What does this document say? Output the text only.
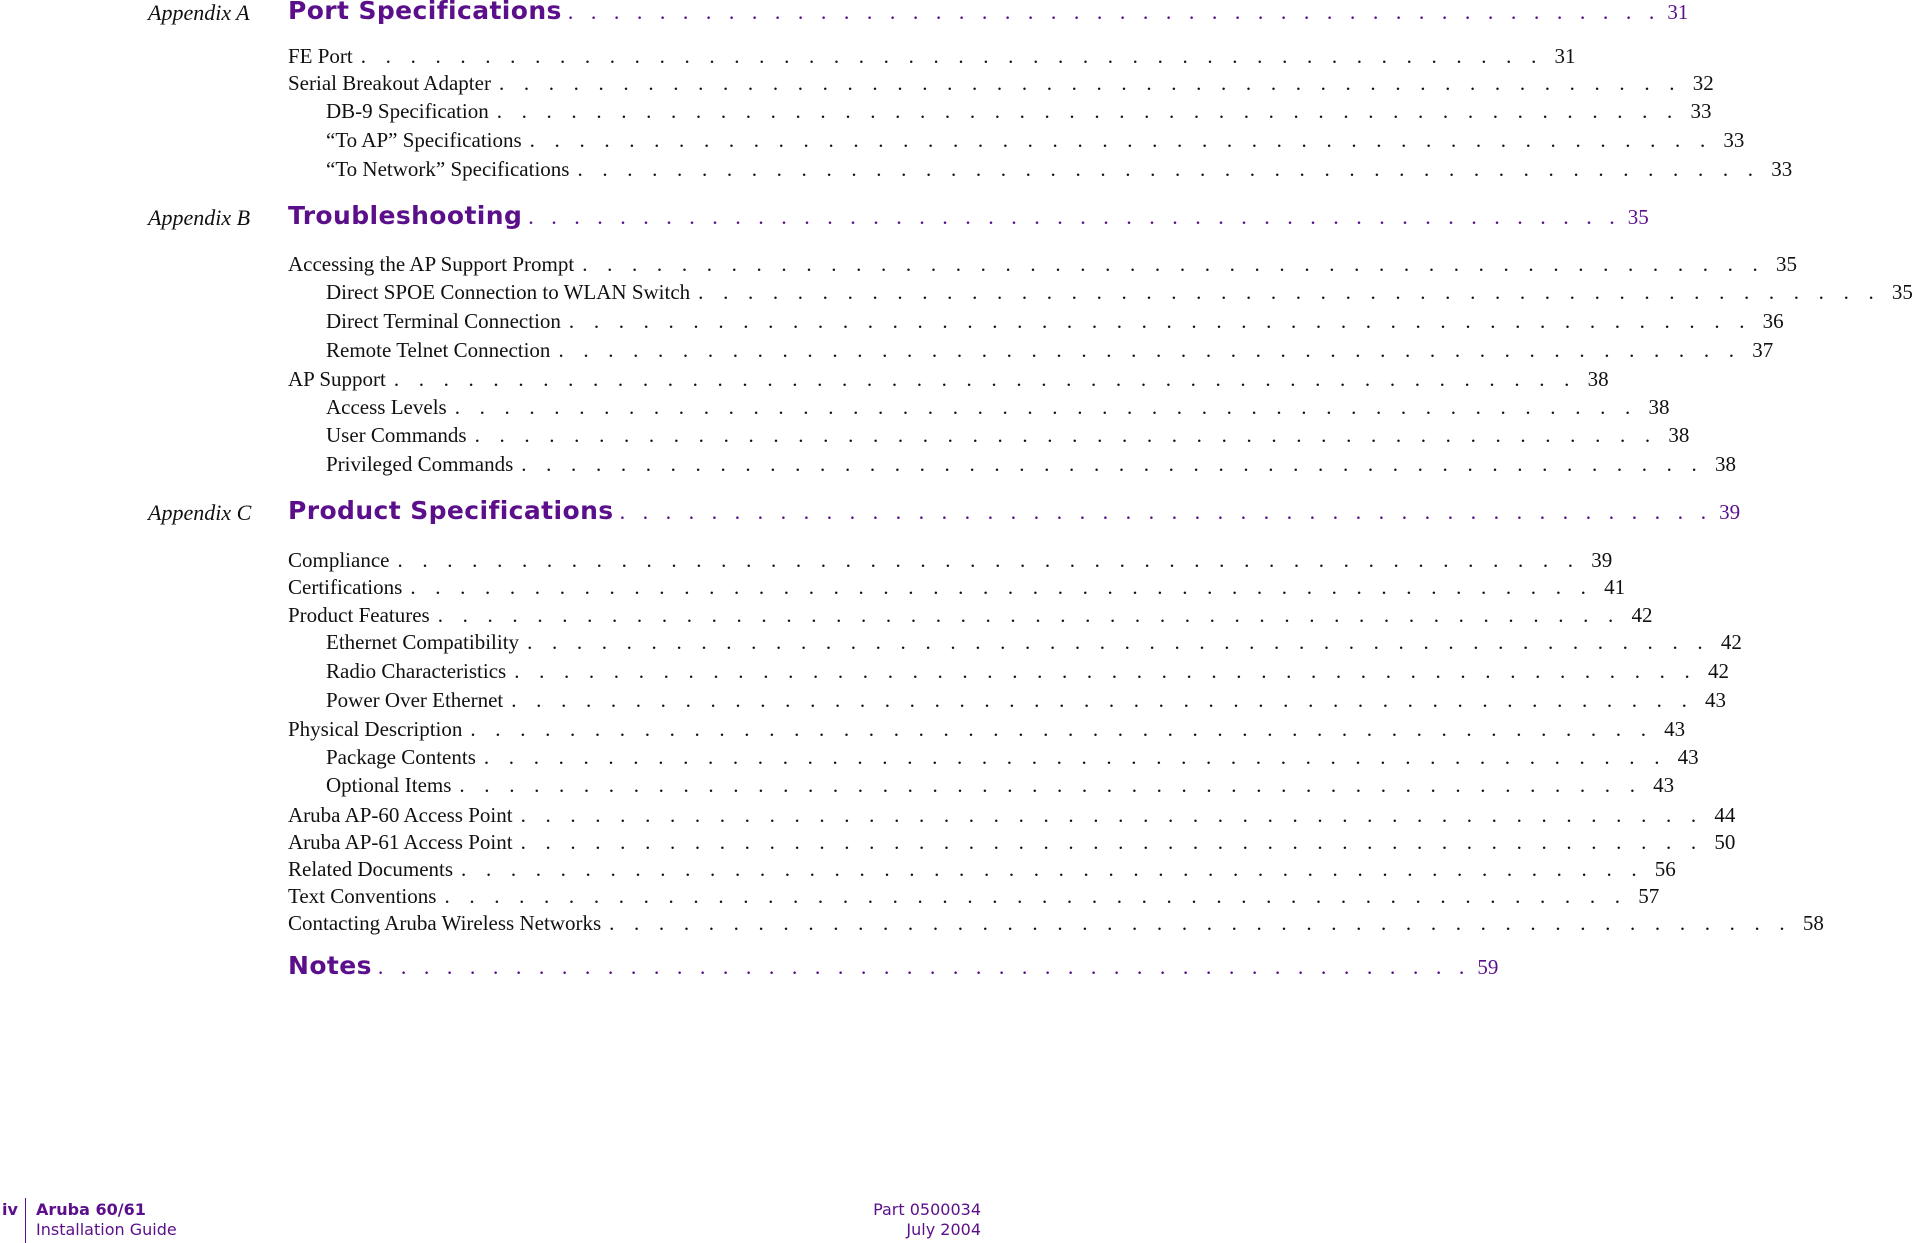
Appendix A Port Specifications . . . . . . . . . . . . . . . . . . . . . . . . . . . . . . . . . . . . . . . . . . . . . . . . 31
FE Port . . . . . . . . . . . . . . . . . . . . . . . . . . . . . . . . . . . . . . . . . . . . . . . . 31
Serial Breakout Adapter . . . . . . . . . . . . . . . . . . . . . . . . . . . . . . . . . . . . . . . . . . . . . . . . 32
DB-9 Specification . . . . . . . . . . . . . . . . . . . . . . . . . . . . . . . . . . . . . . . . . . . . . . . . 33
“To AP” Specifications . . . . . . . . . . . . . . . . . . . . . . . . . . . . . . . . . . . . . . . . . . . . . . . . 33
“To Network” Specifications . . . . . . . . . . . . . . . . . . . . . . . . . . . . . . . . . . . . . . . . . . . . . . . . 33
Appendix B Troubleshooting . . . . . . . . . . . . . . . . . . . . . . . . . . . . . . . . . . . . . . . . . . . . . . . . 35
Accessing the AP Support Prompt . . . . . . . . . . . . . . . . . . . . . . . . . . . . . . . . . . . . . . . . . . . . . . . . 35
Direct SPOE Connection to WLAN Switch . . . . . . . . . . . . . . . . . . . . . . . . . . . . . . . . . . . . . . . . . . . . . . . . 35
Direct Terminal Connection . . . . . . . . . . . . . . . . . . . . . . . . . . . . . . . . . . . . . . . . . . . . . . . . 36
Remote Telnet Connection . . . . . . . . . . . . . . . . . . . . . . . . . . . . . . . . . . . . . . . . . . . . . . . . 37
AP Support . . . . . . . . . . . . . . . . . . . . . . . . . . . . . . . . . . . . . . . . . . . . . . . . 38
Access Levels . . . . . . . . . . . . . . . . . . . . . . . . . . . . . . . . . . . . . . . . . . . . . . . . 38
User Commands . . . . . . . . . . . . . . . . . . . . . . . . . . . . . . . . . . . . . . . . . . . . . . . . 38
Privileged Commands . . . . . . . . . . . . . . . . . . . . . . . . . . . . . . . . . . . . . . . . . . . . . . . . 38
Appendix C Product Specifications . . . . . . . . . . . . . . . . . . . . . . . . . . . . . . . . . . . . . . . . . . . . . . . . 39
Compliance . . . . . . . . . . . . . . . . . . . . . . . . . . . . . . . . . . . . . . . . . . . . . . . . 39
Certifications . . . . . . . . . . . . . . . . . . . . . . . . . . . . . . . . . . . . . . . . . . . . . . . . 41
Product Features . . . . . . . . . . . . . . . . . . . . . . . . . . . . . . . . . . . . . . . . . . . . . . . . 42
Ethernet Compatibility . . . . . . . . . . . . . . . . . . . . . . . . . . . . . . . . . . . . . . . . . . . . . . . . 42
Radio Characteristics . . . . . . . . . . . . . . . . . . . . . . . . . . . . . . . . . . . . . . . . . . . . . . . . 42
Power Over Ethernet . . . . . . . . . . . . . . . . . . . . . . . . . . . . . . . . . . . . . . . . . . . . . . . . 43
Physical Description . . . . . . . . . . . . . . . . . . . . . . . . . . . . . . . . . . . . . . . . . . . . . . . . 43
Package Contents . . . . . . . . . . . . . . . . . . . . . . . . . . . . . . . . . . . . . . . . . . . . . . . . 43
Optional Items . . . . . . . . . . . . . . . . . . . . . . . . . . . . . . . . . . . . . . . . . . . . . . . . 43
Aruba AP-60 Access Point . . . . . . . . . . . . . . . . . . . . . . . . . . . . . . . . . . . . . . . . . . . . . . . . 44
Aruba AP-61 Access Point . . . . . . . . . . . . . . . . . . . . . . . . . . . . . . . . . . . . . . . . . . . . . . . . 50
Related Documents . . . . . . . . . . . . . . . . . . . . . . . . . . . . . . . . . . . . . . . . . . . . . . . . 56
Text Conventions . . . . . . . . . . . . . . . . . . . . . . . . . . . . . . . . . . . . . . . . . . . . . . . . 57
Contacting Aruba Wireless Networks . . . . . . . . . . . . . . . . . . . . . . . . . . . . . . . . . . . . . . . . . . . . . . . . 58
Notes . . . . . . . . . . . . . . . . . . . . . . . . . . . . . . . . . . . . . . . . . . . . . . . . 59
iv Aruba 60/61
Installation Guide
Part 0500034
July 2004
